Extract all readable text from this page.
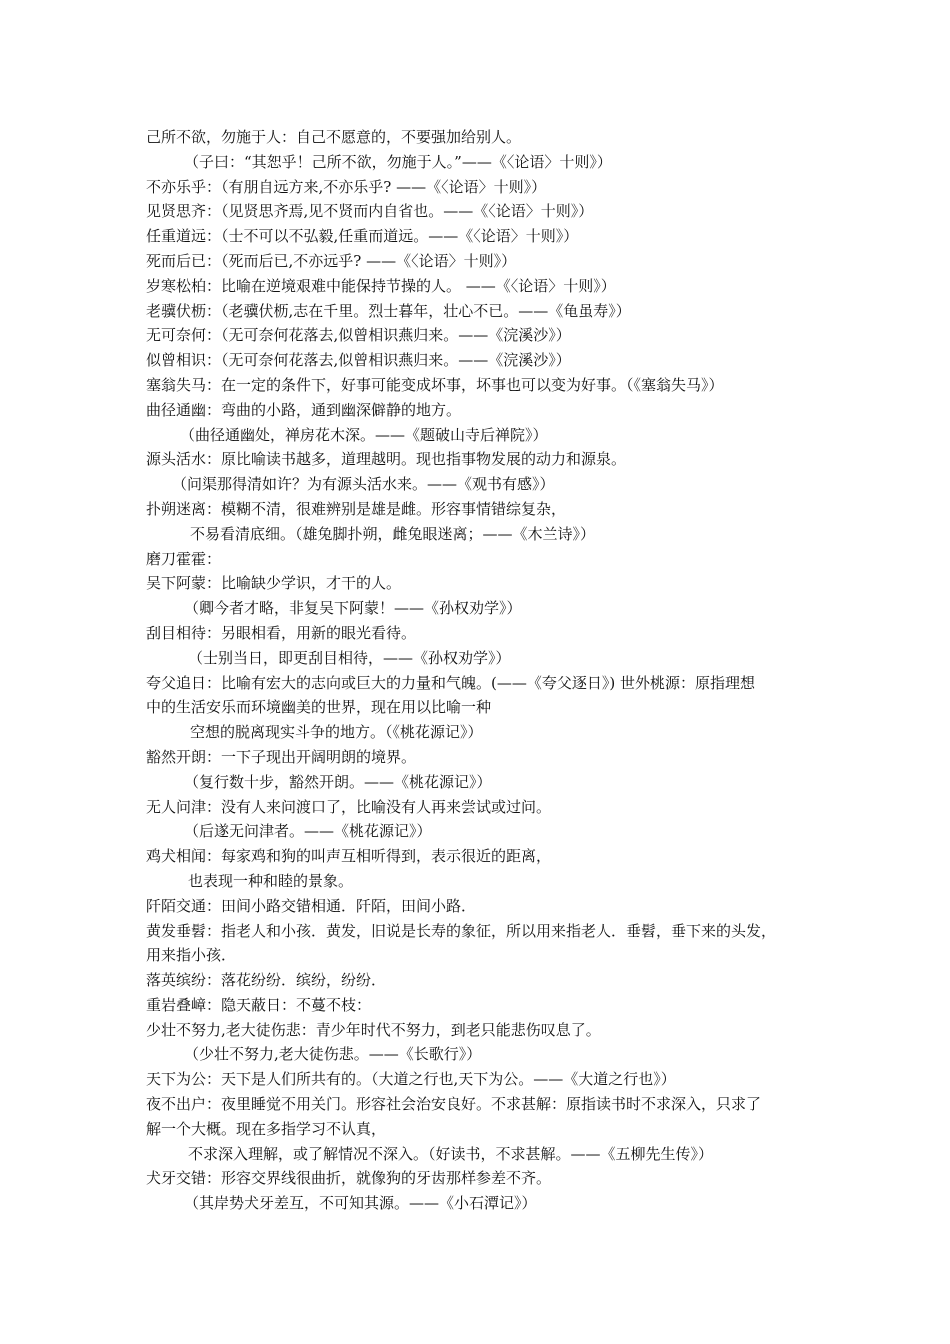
己所不欲，勿施于人：自己不愿意的，不要强加给别人。
（子曰：“其恕乎！己所不欲，勿施于人。”——《〈论语〉十则》）
不亦乐乎：（有朋自远方来,不亦乐乎? ——《〈论语〉十则》）
见贤思齐：（见贤思齐焉,见不贤而内自省也。——《〈论语〉十则》）
任重道远：（士不可以不弘毅,任重而道远。——《〈论语〉十则》）
死而后已：（死而后已,不亦远乎? ——《〈论语〉十则》）
岁寒松柏：比喻在逆境艰难中能保持节操的人。 ——《〈论语〉十则》）
老骥伏枥：（老骥伏枥,志在千里。烈士暮年，壮心不已。——《龟虽寿》）
无可奈何：（无可奈何花落去,似曾相识燕归来。——《浣溪沙》）
似曾相识：（无可奈何花落去,似曾相识燕归来。——《浣溪沙》）
塞翁失马：在一定的条件下，好事可能变成坏事，坏事也可以变为好事。（《塞翁失马》）
曲径通幽：弯曲的小路，通到幽深僻静的地方。
（曲径通幽处，禅房花木深。——《题破山寺后禅院》）
源头活水：原比喻读书越多，道理越明。现也指事物发展的动力和源泉。
（问渠那得清如许？为有源头活水来。——《观书有感》）
扑朔迷离：模糊不清，很难辨别是雄是雌。形容事情错综复杂，
不易看清底细。（雄兔脚扑朔，雌兔眼迷离；——《木兰诗》）
磨刀霍霍：
吴下阿蒙：比喻缺少学识，才干的人。
（卿今者才略，非复吴下阿蒙！——《孙权劝学》）
刮目相待：另眼相看，用新的眼光看待。
（士别当日，即更刮目相待，——《孙权劝学》）
夸父追日：比喻有宏大的志向或巨大的力量和气魄。(——《夸父逐日》) 世外桃源：原指理想
中的生活安乐而环境幽美的世界，现在用以比喻一种
空想的脱离现实斗争的地方。（《桃花源记》）
豁然开朗：一下子现出开阔明朗的境界。
（复行数十步，豁然开朗。——《桃花源记》）
无人问津：没有人来问渡口了，比喻没有人再来尝试或过问。
（后遂无问津者。——《桃花源记》）
鸡犬相闻：每家鸡和狗的叫声互相听得到，表示很近的距离，
也表现一种和睦的景象。
阡陌交通：田间小路交错相通．阡陌，田间小路．
黄发垂髫：指老人和小孩．黄发，旧说是长寿的象征，所以用来指老人．垂髫，垂下来的头发，
用来指小孩．
落英缤纷：落花纷纷．缤纷，纷纷．
重岩叠嶂：隐天蔽日：不蔓不枝：
少壮不努力,老大徒伤悲：青少年时代不努力，到老只能悲伤叹息了。
（少壮不努力,老大徒伤悲。——《长歌行》）
天下为公：天下是人们所共有的。（大道之行也,天下为公。——《大道之行也》）
夜不出户：夜里睡觉不用关门。形容社会治安良好。不求甚解：原指读书时不求深入，只求了
解一个大概。现在多指学习不认真，
不求深入理解，或了解情况不深入。（好读书，不求甚解。——《五柳先生传》）
犬牙交错：形容交界线很曲折，就像狗的牙齿那样参差不齐。
（其岸势犬牙差互，不可知其源。——《小石潭记》）
